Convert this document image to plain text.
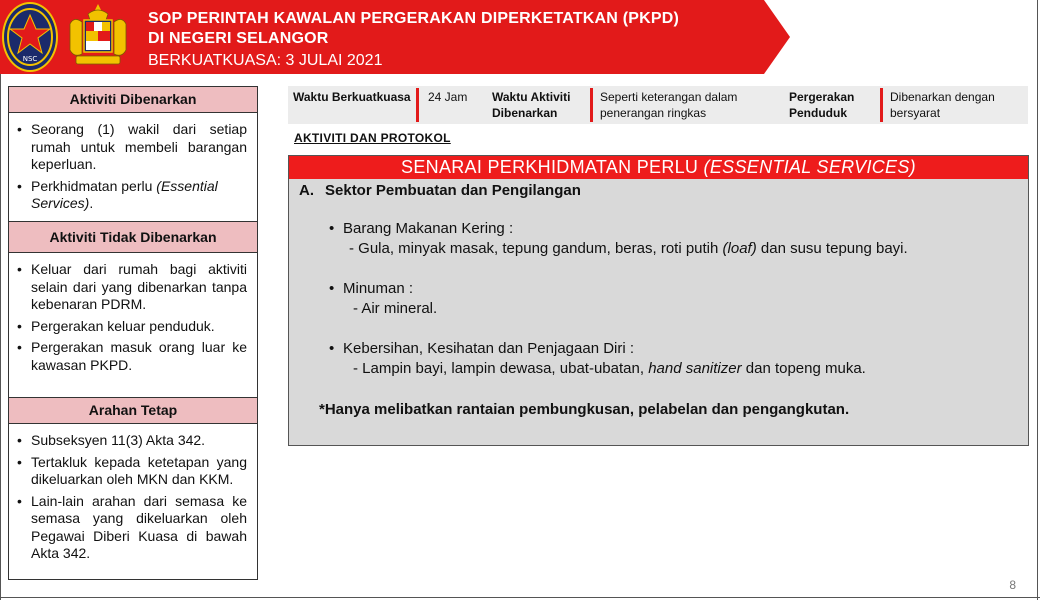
NSC
SOP PERINTAH KAWALAN PERGERAKAN DIPERKETATKAN (PKPD)
DI NEGERI SELANGOR
BERKUATKUASA: 3 JULAI 2021
Aktiviti Dibenarkan
• Seorang (1) wakil dari setiap rumah untuk membeli barangan keperluan.
• Perkhidmatan perlu (Essential Services).
Aktiviti Tidak Dibenarkan
• Keluar dari rumah bagi aktiviti selain dari yang dibenarkan tanpa kebenaran PDRM.
• Pergerakan keluar penduduk.
• Pergerakan masuk orang luar ke kawasan PKPD.
Arahan Tetap
• Subseksyen 11(3) Akta 342.
• Tertakluk kepada ketetapan yang dikeluarkan oleh MKN dan KKM.
• Lain-lain arahan dari semasa ke semasa yang dikeluarkan oleh Pegawai Diberi Kuasa di bawah Akta 342.
Waktu Berkuatkuasa 24 Jam	Waktu Aktiviti Dibenarkan
Seperti keterangan dalam penerangan ringkas
Pergerakan Penduduk
Dibenarkan dengan bersyarat
AKTIVITI DAN PROTOKOL
SENARAI PERKHIDMATAN PERLU (ESSENTIAL SERVICES)
A. Sektor Pembuatan dan Pengilangan
• Barang Makanan Kering :
- Gula, minyak masak, tepung gandum, beras, roti putih (loaf) dan susu tepung bayi.
• Minuman :
- Air mineral.
• Kebersihan, Kesihatan dan Penjagaan Diri :
- Lampin bayi, lampin dewasa, ubat-ubatan, hand sanitizer dan topeng muka.
*Hanya melibatkan rantaian pembungkusan, pelabelan dan pengangkutan.
8
